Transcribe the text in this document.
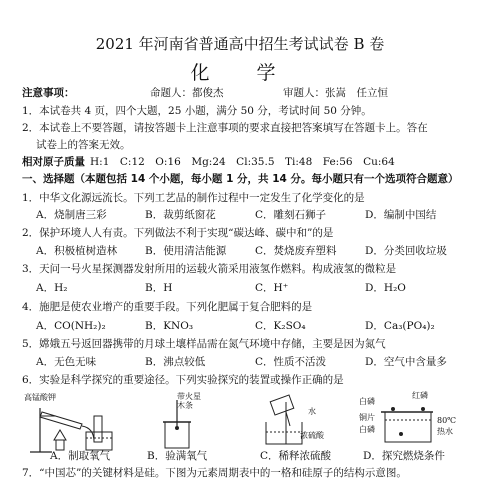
2021 年河南省普通高中招生考试试卷 B 卷
化　学
注意事项：	命题人：都俊杰	审题人：张嵩　任立恒
1．本试卷共 4 页，四个大题，25 小题，满分 50 分，考试时间 50 分钟。
2．本试卷上不要答题，请按答题卡上注意事项的要求直接把答案填写在答题卡上。答在
试卷上的答案无效。
相对原子质量 H:1　C:12　O:16　Mg:24　Cl:35.5　Ti:48　Fe:56　Cu:64
一、选择题（本题包括 14 个小题，每小题 1 分，共 14 分。每小题只有一个选项符合题意）
1．中华文化源远流长。下列工艺品的制作过程中一定发生了化学变化的是
A．烧制唐三彩	B．裁剪纸窗花	C．雕刻石狮子	D．编制中国结
2．保护环境人人有责。下列做法不利于实现“碳达峰、碳中和”的是
A．积极植树造林	B．使用清洁能源	C．焚烧废弃塑料	D．分类回收垃圾
3．天问一号火星探测器发射所用的运载火箭采用液氢作燃料。构成液氢的微粒是
A．H₂	B．H	C．H⁺	D．H₂O
4．施肥是使农业增产的重要手段。下列化肥属于复合肥料的是
A．CO(NH₂)₂	B．KNO₃	C．K₂SO₄	D．Ca₃(PO₄)₂
5．嫦娥五号返回器携带的月球土壤样品需在氮气环境中存储，主要是因为氮气
A．无色无味	B．沸点较低	C．性质不活泼	D．空气中含量多
6．实验是科学探究的重要途径。下列实验探究的装置或操作正确的是
高锰酸钾
A．制取氧气
带火星
木条
B．验满氧气
水
浓硫酸
C．稀释浓硫酸
白磷
红磷
铜片
白磷
80℃
热水
D．探究燃烧条件
7．“中国芯”的关键材料是硅。下图为元素周期表中的一格和硅原子的结构示意图。
